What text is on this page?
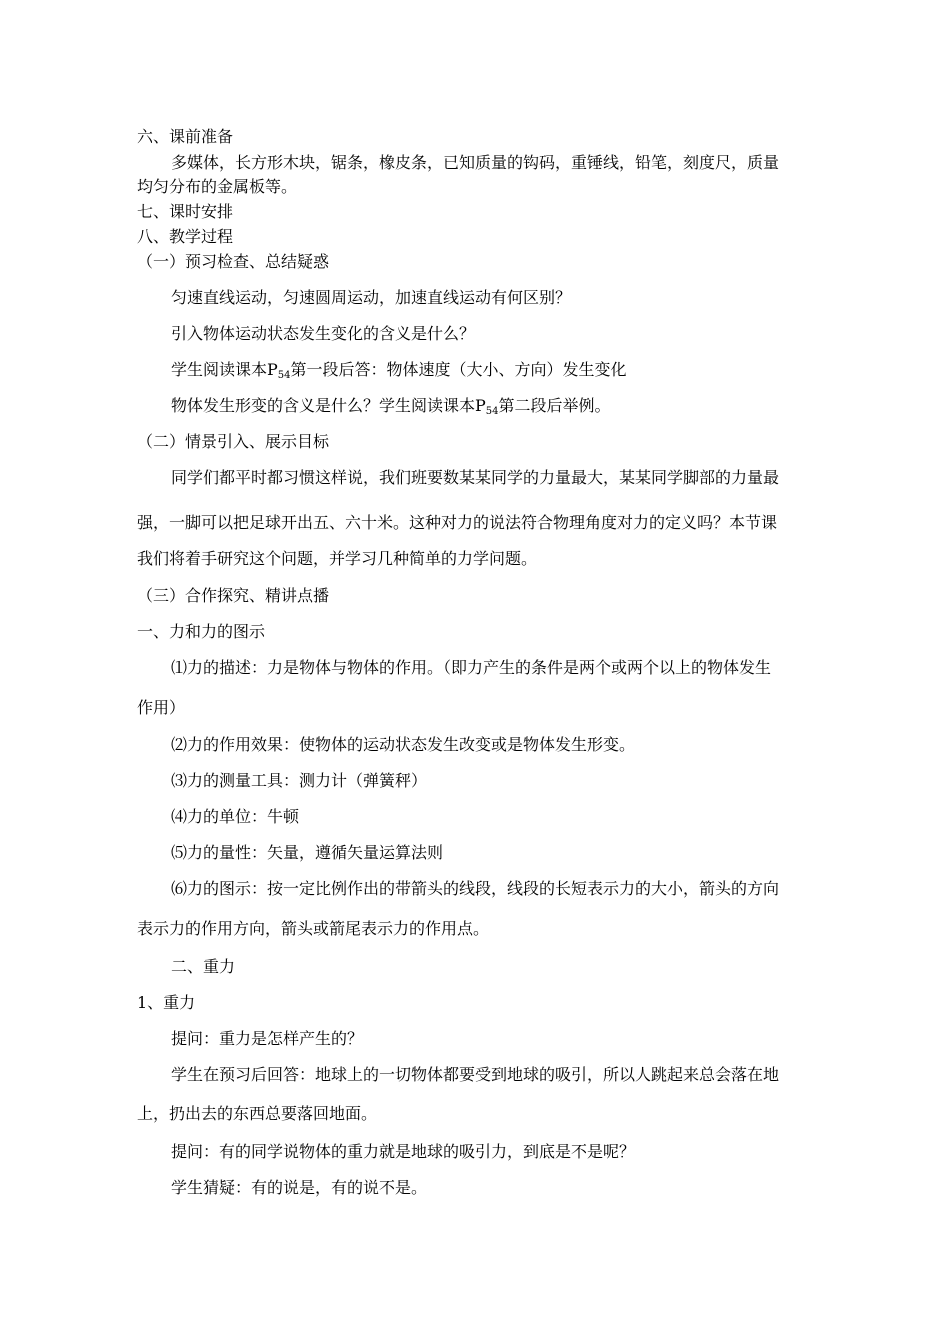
六、课前准备
多媒体，长方形木块，锯条，橡皮条，已知质量的钩码，重锤线，铅笔，刻度尺，质量
均匀分布的金属板等。
七、课时安排
八、教学过程
（一）预习检查、总结疑惑
匀速直线运动，匀速圆周运动，加速直线运动有何区别？
引入物体运动状态发生变化的含义是什么？
学生阅读课本$P_{54}$第一段后答：物体速度（大小、方向）发生变化
物体发生形变的含义是什么？学生阅读课本$P_{54}$第二段后举例。
（二）情景引入、展示目标
同学们都平时都习惯这样说，我们班要数某某同学的力量最大，某某同学脚部的力量最
强，一脚可以把足球开出五、六十米。这种对力的说法符合物理角度对力的定义吗？本节课
我们将着手研究这个问题，并学习几种简单的力学问题。
（三）合作探究、精讲点播
一、力和力的图示
⑴力的描述：力是物体与物体的作用。（即力产生的条件是两个或两个以上的物体发生
作用）
⑵力的作用效果：使物体的运动状态发生改变或是物体发生形变。
⑶力的测量工具：测力计（弹簧秤）
⑷力的单位：牛顿
⑸力的量性：矢量，遵循矢量运算法则
⑹力的图示：按一定比例作出的带箭头的线段，线段的长短表示力的大小，箭头的方向
表示力的作用方向，箭头或箭尾表示力的作用点。
二、重力
1、重力
提问：重力是怎样产生的？
学生在预习后回答：地球上的一切物体都要受到地球的吸引，所以人跳起来总会落在地
上，扔出去的东西总要落回地面。
提问：有的同学说物体的重力就是地球的吸引力，到底是不是呢？
学生猜疑：有的说是，有的说不是。
